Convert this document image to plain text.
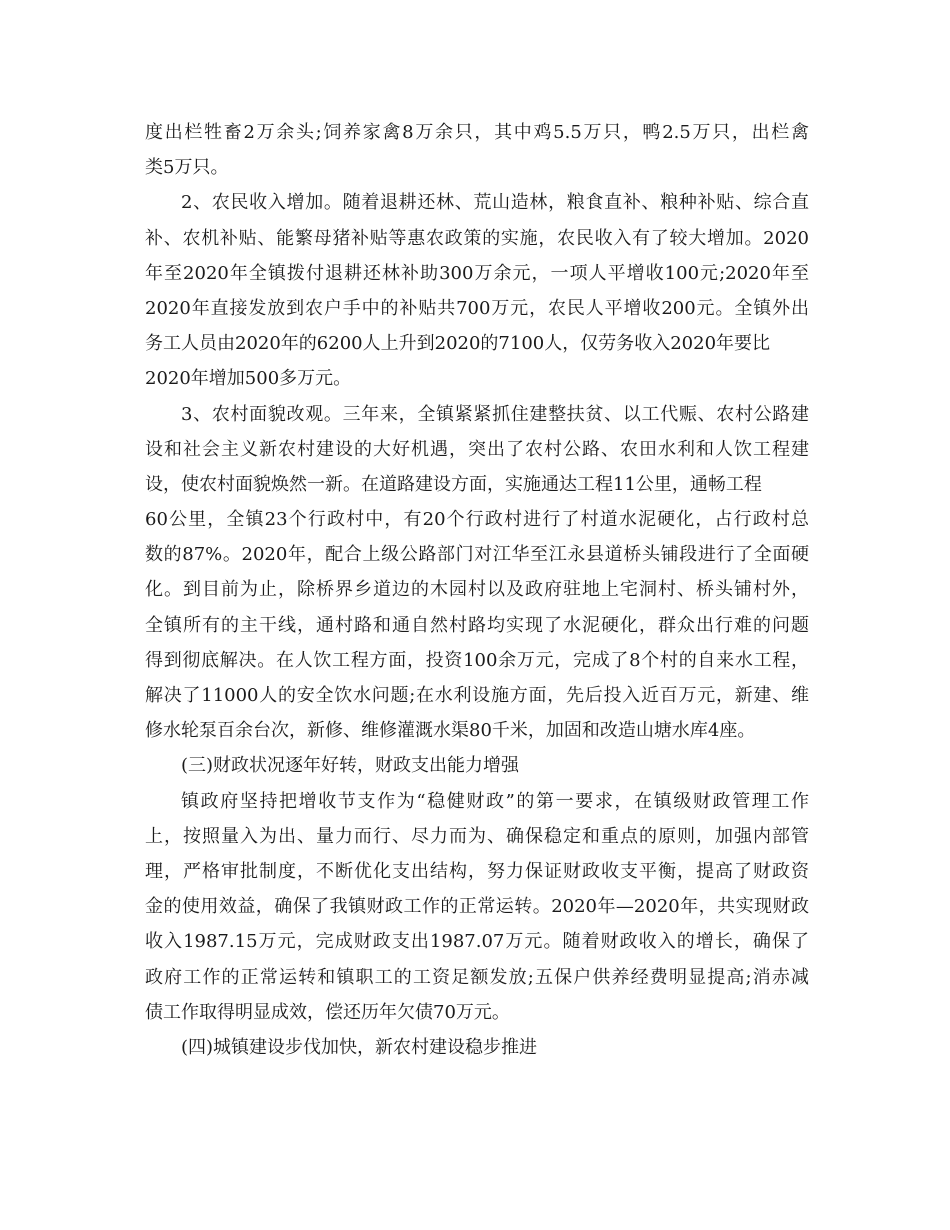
度出栏牲畜2万余头;饲养家禽8万余只，其中鸡5.5万只，鸭2.5万只，出栏禽
类5万只。

2、农民收入增加。随着退耕还林、荒山造林，粮食直补、粮种补贴、综合直
补、农机补贴、能繁母猪补贴等惠农政策的实施，农民收入有了较大增加。2020
年至2020年全镇拨付退耕还林补助300万余元，一项人平增收100元;2020年至
2020年直接发放到农户手中的补贴共700万元，农民人平增收200元。全镇外出
务工人员由2020年的6200人上升到2020的7100人，仅劳务收入2020年要比
2020年增加500多万元。

3、农村面貌改观。三年来，全镇紧紧抓住建整扶贫、以工代赈、农村公路建
设和社会主义新农村建设的大好机遇，突出了农村公路、农田水利和人饮工程建
设，使农村面貌焕然一新。在道路建设方面，实施通达工程11公里，通畅工程
60公里，全镇23个行政村中，有20个行政村进行了村道水泥硬化，占行政村总
数的87%。2020年，配合上级公路部门对江华至江永县道桥头铺段进行了全面硬
化。到目前为止，除桥界乡道边的木园村以及政府驻地上宅洞村、桥头铺村外，
全镇所有的主干线，通村路和通自然村路均实现了水泥硬化，群众出行难的问题
得到彻底解决。在人饮工程方面，投资100余万元，完成了8个村的自来水工程，
解决了11000人的安全饮水问题;在水利设施方面，先后投入近百万元，新建、维
修水轮泵百余台次，新修、维修灌溉水渠80千米，加固和改造山塘水库4座。

(三)财政状况逐年好转，财政支出能力增强

镇政府坚持把增收节支作为“稳健财政”的第一要求，在镇级财政管理工作
上，按照量入为出、量力而行、尽力而为、确保稳定和重点的原则，加强内部管
理，严格审批制度，不断优化支出结构，努力保证财政收支平衡，提高了财政资
金的使用效益，确保了我镇财政工作的正常运转。2020年—2020年，共实现财政
收入1987.15万元，完成财政支出1987.07万元。随着财政收入的增长，确保了
政府工作的正常运转和镇职工的工资足额发放;五保户供养经费明显提高;消赤减
债工作取得明显成效，偿还历年欠债70万元。

(四)城镇建设步伐加快，新农村建设稳步推进
